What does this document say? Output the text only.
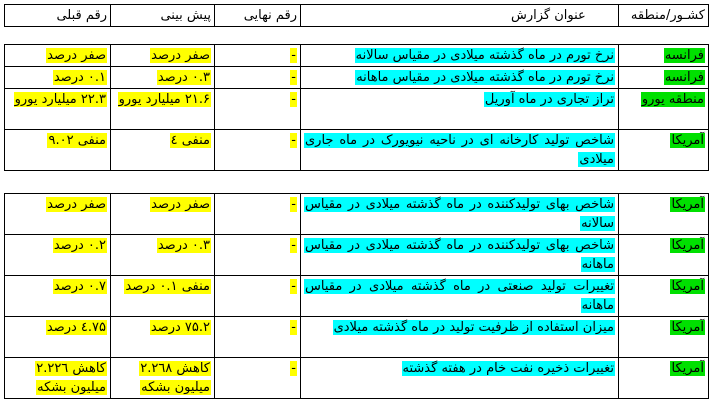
کشـور/منطقه	عنوان گزارش	رقم نهایی	پیش بینی	رقم قبلی
فرانسه	نرخ تورم در ماه گذشته میلادی در مقیاس سالانه	-	صفر درصد	صفر درصد
فرانسه	نرخ تورم در ماه گذشته میلادی در مقیاس ماهانه	-	۰.۳ درصد	۰.۱ درصد
منطقه یورو	تراز تجاری در ماه آوریل	-	۲۱.۶ میلیارد یورو	۲۲.۳ میلیارد یورو
آمریکا	شاخص تولید کارخانه ای در ناحیه نیویورک در ماه جاری میلادی	-	منفی ٤	منفی ۹.۰۲
آمریکا	شاخص بهای تولیدکننده در ماه گذشته میلادی در مقیاس سالانه	-	صفر درصد	صفر درصد
آمریکا	شاخص بهای تولیدکننده در ماه گذشته میلادی در مقیاس ماهانه	-	۰.۳ درصد	۰.۲ درصد
آمریکا	تغییرات تولید صنعتی در ماه گذشته میلادی در مقیاس ماهانه	-	منفی ۰.۱ درصد	۰.۷ درصد
آمریکا	میزان استفاده از ظرفیت تولید در ماه گذشته میلادی	-	۷۵.۲ درصد	۷۵.٤ درصد
آمریکا	تغییرات ذخیره نفت خام در هفته گذشته	-	کاهش ۲.۲٦۸ میلیون بشکه	کاهش ۲.۲۲٦ میلیون بشکه
